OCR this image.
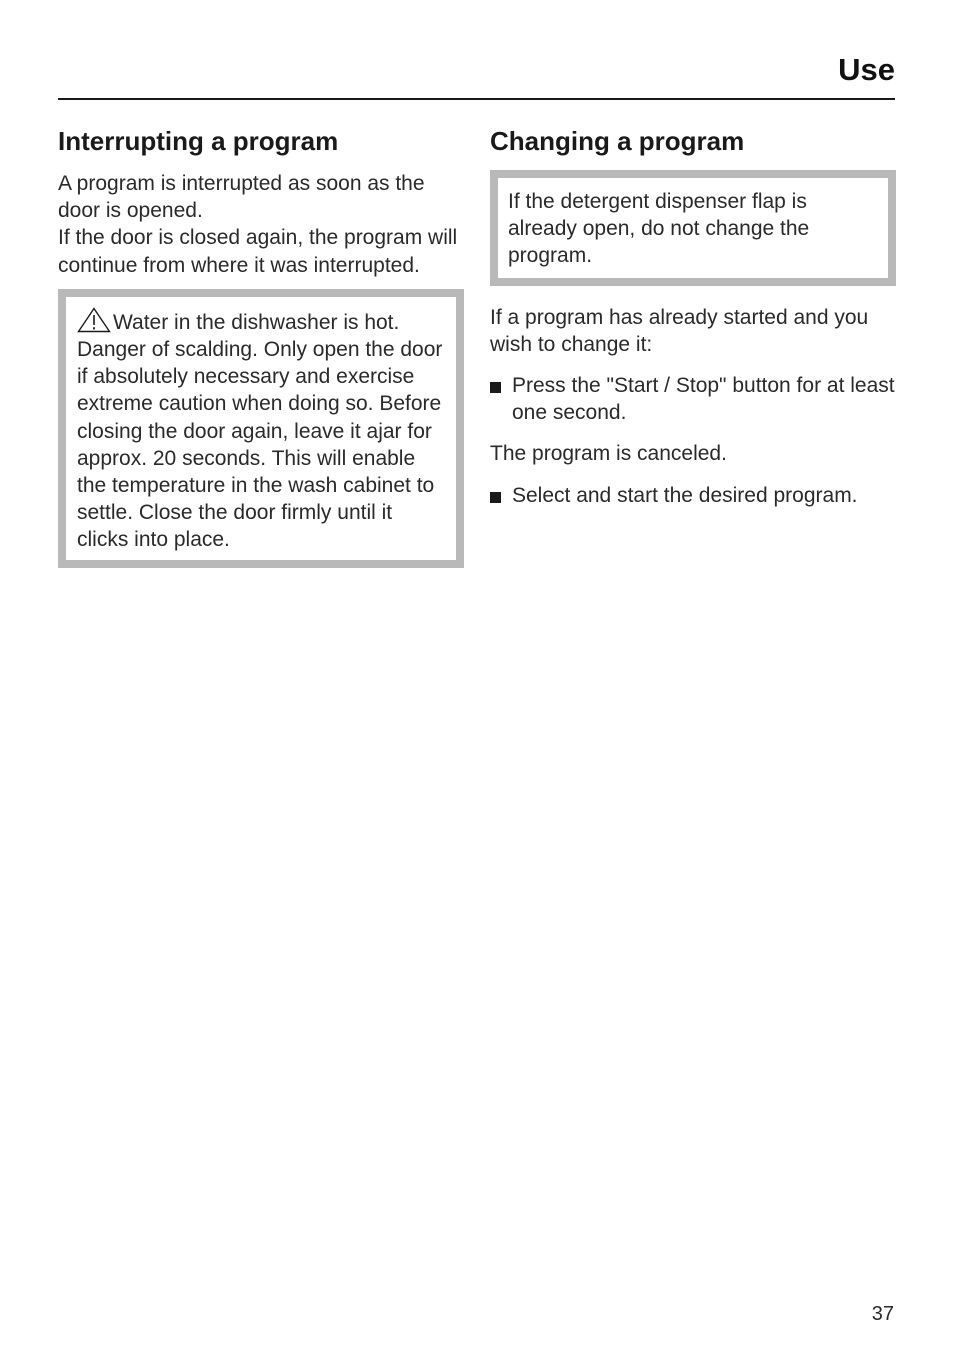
Use
Interrupting a program

A program is interrupted as soon as the door is opened.

If the door is closed again, the program will continue from where it was interrupted.

Water in the dishwasher is hot. Danger of scalding. Only open the door if absolutely necessary and exercise extreme caution when doing so. Before closing the door again, leave it ajar for approx. 20 seconds. This will enable the temperature in the wash cabinet to settle. Close the door firmly until it clicks into place.

Changing a program

If the detergent dispenser flap is already open, do not change the program.

If a program has already started and you wish to change it:

Press the "Start / Stop" button for at least one second.

The program is canceled.

Select and start the desired program.

37
